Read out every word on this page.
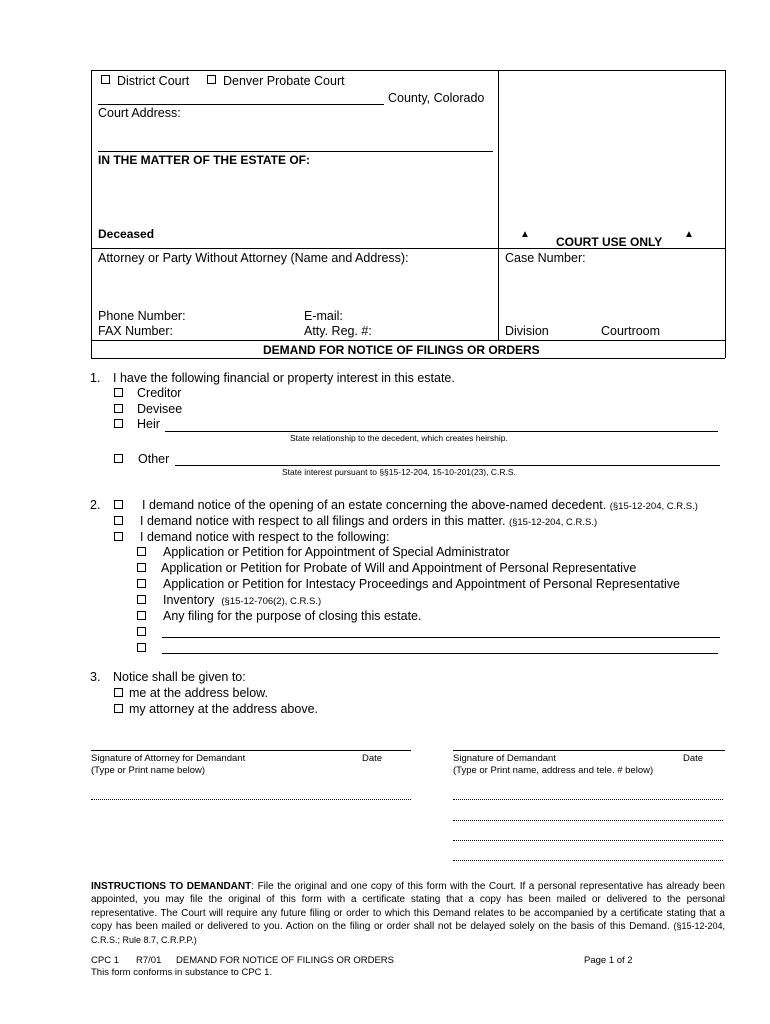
District Court	Denver Probate Court
County, Colorado
Court Address:
IN THE MATTER OF THE ESTATE OF:
Deceased	▲
COURT USE ONLY
▲
Attorney or Party Without Attorney (Name and Address):	Case Number:
Phone Number:	E-mail:
FAX Number:	Atty. Reg. #:	Division	Courtroom
DEMAND FOR NOTICE OF FILINGS OR ORDERS
1. I have the following financial or property interest in this estate.
Creditor
Devisee
Heir
State relationship to the decedent, which creates heirship.
Other
State interest pursuant to §§15-12-204, 15-10-201(23), C.R.S.
2.	I demand notice of the opening of an estate concerning the above-named decedent. (§15-12-204, C.R.S.)
I demand notice with respect to all filings and orders in this matter. (§15-12-204, C.R.S.)
I demand notice with respect to the following:
Application or Petition for Appointment of Special Administrator
Application or Petition for Probate of Will and Appointment of Personal Representative
Application or Petition for Intestacy Proceedings and Appointment of Personal Representative
Inventory (§15-12-706(2), C.R.S.)
Any filing for the purpose of closing this estate.
3. Notice shall be given to:
me at the address below.
my attorney at the address above.
Signature of Attorney for Demandant	Date
(Type or Print name below)
Signature of Demandant	Date
(Type or Print name, address and tele. # below)
INSTRUCTIONS TO DEMANDANT: File the original and one copy of this form with the Court. If a personal representative has already been appointed, you may file the original of this form with a certificate stating that a copy has been mailed or delivered to the personal representative. The Court will require any future filing or order to which this Demand relates to be accompanied by a certificate stating that a copy has been mailed or delivered to you. Action on the filing or order shall not be delayed solely on the basis of this Demand. (§15-12-204, C.R.S.; Rule 8.7, C.R.P.P.)
CPC 1 R7/01 DEMAND FOR NOTICE OF FILINGS OR ORDERS	Page 1 of 2
This form conforms in substance to CPC 1.
